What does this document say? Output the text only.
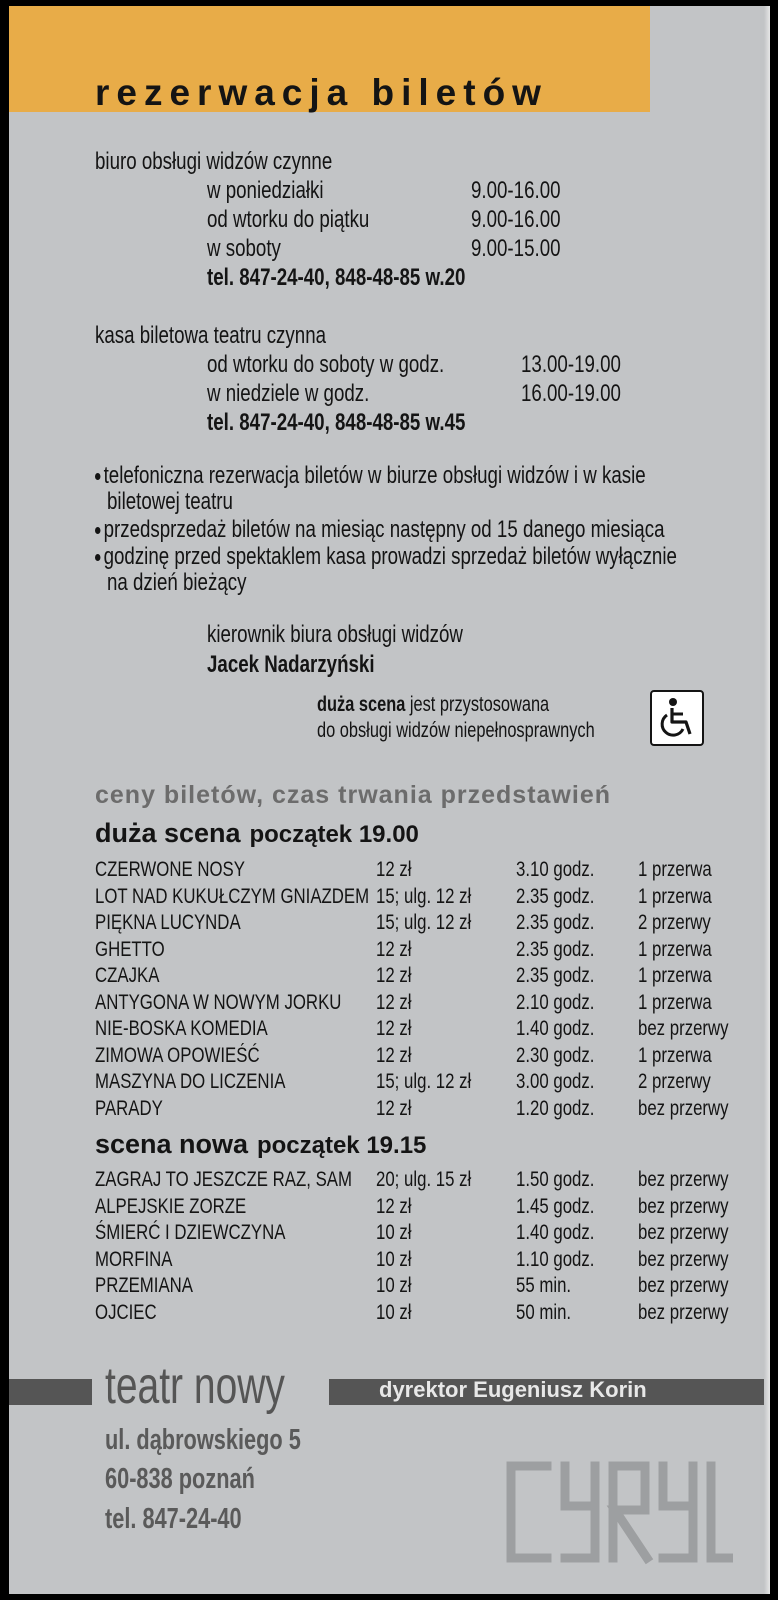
rezerwacja biletów
biuro obsługi widzów czynne
w poniedziałki	9.00-16.00
od wtorku do piątku	9.00-16.00
w soboty	9.00-15.00
tel. 847-24-40, 848-48-85 w.20
kasa biletowa teatru czynna
od wtorku do soboty w godz.	13.00-19.00
w niedziele w godz.	16.00-19.00
tel. 847-24-40, 848-48-85 w.45
telefoniczna rezerwacja biletów w biurze obsługi widzów i w kasie
biletowej teatru
przedsprzedaż biletów na miesiąc następny od 15 danego miesiąca
godzinę przed spektaklem kasa prowadzi sprzedaż biletów wyłącznie
na dzień bieżący
kierownik biura obsługi widzów
Jacek Nadarzyński
duża scena jest przystosowana
do obsługi widzów niepełnosprawnych
ceny biletów, czas trwania przedstawień
duża scena początek 19.00
CZERWONE NOSY	12 zł	3.10 godz. 1 przerwa
LOT NAD KUKUŁCZYM GNIAZDEM 15; ulg. 12 zł 2.35 godz. 1 przerwa
PIĘKNA LUCYNDA	15; ulg. 12 zł 2.35 godz. 2 przerwy
GHETTO	12 zł	2.35 godz. 1 przerwa
CZAJKA	12 zł	2.35 godz. 1 przerwa
ANTYGONA W NOWYM JORKU 12 zł	2.10 godz. 1 przerwa
NIE-BOSKA KOMEDIA	12 zł	1.40 godz. bez przerwy
ZIMOWA OPOWIEŚĆ	12 zł	2.30 godz. 1 przerwa
MASZYNA DO LICZENIA	15; ulg. 12 zł 3.00 godz. 2 przerwy
PARADY	12 zł	1.20 godz. bez przerwy
scena nowa początek 19.15
ZAGRAJ TO JESZCZE RAZ, SAM 20; ulg. 15 zł 1.50 godz. bez przerwy
ALPEJSKIE ZORZE	12 zł	1.45 godz. bez przerwy
ŚMIERĆ I DZIEWCZYNA	10 zł	1.40 godz. bez przerwy
MORFINA	10 zł	1.10 godz. bez przerwy
PRZEMIANA	10 zł	55 min.	bez przerwy
OJCIEC	10 zł	50 min.	bez przerwy
teatr nowy	dyrektor Eugeniusz Korin
ul. dąbrowskiego 5
60-838 poznań
tel. 847-24-40
